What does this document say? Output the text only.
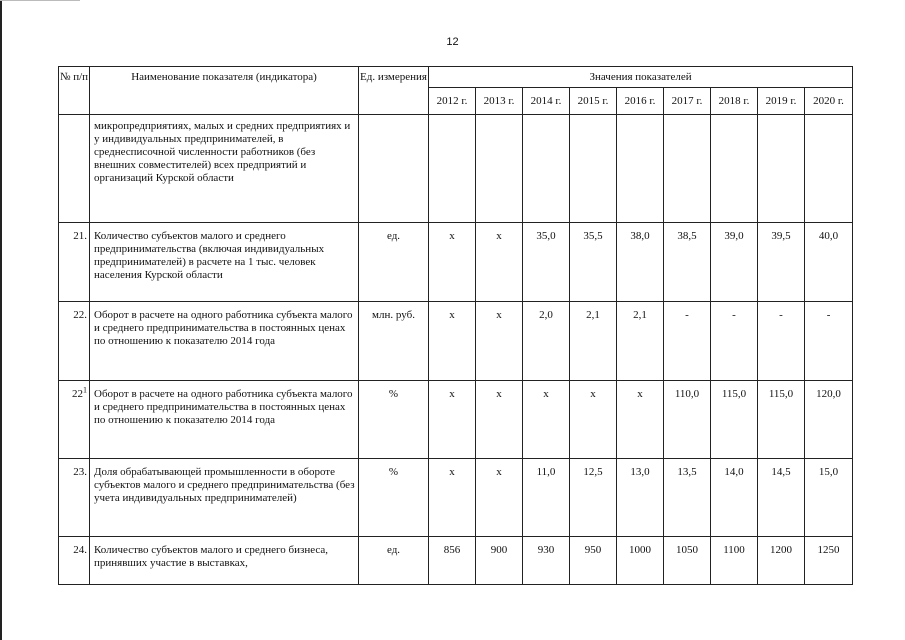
12
№ п/п	Наименование показателя (индикатора)	Ед. измерения	Значения показателей								
			2012 г.	2013 г.	2014 г.	2015 г.	2016 г.	2017 г.	2018 г.	2019 г.	2020 г.
	микропредприятиях, малых и средних предприятиях и у индивидуальных предпринимателей, в среднесписочной численности работников (без внешних совместителей) всех предприятий и организаций Курской области										
21.	Количество субъектов малого и среднего предпринимательства (включая индивидуальных предпринимателей) в расчете на 1 тыс. человек населения Курской области	ед.	х	х	35,0	35,5	38,0	38,5	39,0	39,5	40,0
22.	Оборот в расчете на одного работника субъекта малого и среднего предпринимательства в постоянных ценах по отношению к показателю 2014 года	млн. руб.	х	х	2,0	2,1	2,1	-	-	-	-
$22^1$	Оборот в расчете на одного работника субъекта малого и среднего предпринимательства в постоянных ценах по отношению к показателю 2014 года	%	х	х	х	х	х	110,0	115,0	115,0	120,0
23.	Доля обрабатывающей промышленности в обороте субъектов малого и среднего предпринимательства (без учета индивидуальных предпринимателей)	%	х	х	11,0	12,5	13,0	13,5	14,0	14,5	15,0
24.	Количество субъектов малого и среднего бизнеса, принявших участие в выставках,	ед.	856	900	930	950	1000	1050	1100	1200	1250
